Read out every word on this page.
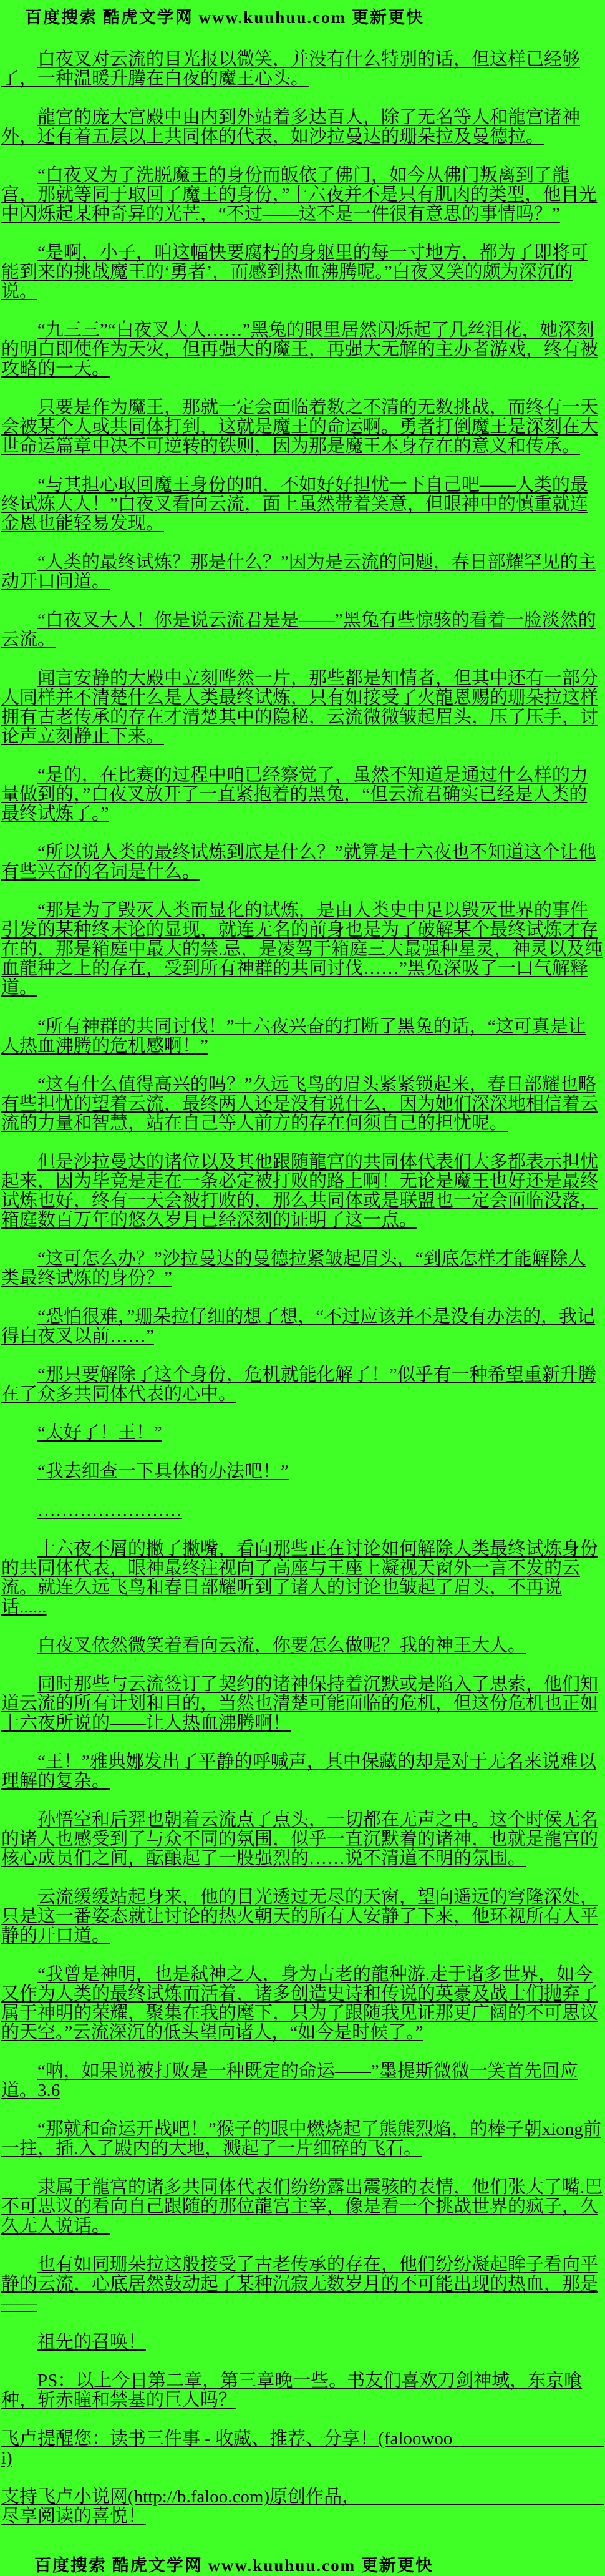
百度搜索 酷虎文学网 www.kuuhuu.com 更新更快

白夜叉对云流的目光报以微笑，并没有什么特别的话，但这样已经够了，一种温暖升腾在白夜的魔王心头。

龍宫的庞大宫殿中由内到外站着多达百人，除了无名等人和龍宫诸神外，还有着五层以上共同体的代表，如沙拉曼达的珊朵拉及曼德拉。

“白夜叉为了洗脱魔王的身份而皈依了佛门，如今从佛门叛离到了龍宫，那就等同于取回了魔王的身份，”十六夜并不是只有肌肉的类型，他目光中闪烁起某种奇异的光芒，“不过——这不是一件很有意思的事情吗？”

“是啊，小子，咱这幅快要腐朽的身躯里的每一寸地方，都为了即将可能到来的挑战魔王的‘勇者’，而感到热血沸腾呢。”白夜叉笑的颇为深沉的说。

“九三三”“白夜叉大人……”黑兔的眼里居然闪烁起了几丝泪花，她深刻的明白即使作为天灾，但再强大的魔王，再强大无解的主办者游戏，终有被攻略的一天。

只要是作为魔王，那就一定会面临着数之不清的无数挑战，而终有一天会被某个人或共同体打到，这就是魔王的命运啊。勇者打倒魔王是深刻在大世命运篇章中决不可逆转的铁则，因为那是魔王本身存在的意义和传承。

“与其担心取回魔王身份的咱，不如好好担忧一下自己吧——人类的最终试炼大人！”白夜叉看向云流，面上虽然带着笑意，但眼神中的慎重就连金恩也能轻易发现。

“人类的最终试炼？那是什么？”因为是云流的问题，春日部耀罕见的主动开口问道。

“白夜叉大人！你是说云流君是是——”黑兔有些惊骇的看着一脸淡然的云流。

闻言安静的大殿中立刻哗然一片，那些都是知情者，但其中还有一部分人同样并不清楚什么是人类最终试炼，只有如接受了火龍恩赐的珊朵拉这样拥有古老传承的存在才清楚其中的隐秘，云流微微皱起眉头，压了压手，讨论声立刻静止下来。

“是的，在比赛的过程中咱已经察觉了，虽然不知道是通过什么样的力量做到的，”白夜叉放开了一直紧抱着的黑兔，“但云流君确实已经是人类的最终试炼了。”

“所以说人类的最终试炼到底是什么？”就算是十六夜也不知道这个让他有些兴奋的名词是什么。

“那是为了毁灭人类而显化的试炼，是由人类史中足以毁灭世界的事件引发的某种终末论的显现，就连无名的前身也是为了破解某个最终试炼才存在的，那是箱庭中最大的禁.忌，是凌驾于箱庭三大最强种星灵，神灵以及纯血龍种之上的存在，受到所有神群的共同讨伐……”黑兔深吸了一口气解释道。

“所有神群的共同讨伐！”十六夜兴奋的打断了黑兔的话，“这可真是让人热血沸腾的危机感啊！”

“这有什么值得高兴的吗？”久远飞鸟的眉头紧紧锁起来，春日部耀也略有些担忧的望着云流，最终两人还是没有说什么，因为她们深深地相信着云流的力量和智慧，站在自己等人前方的存在何须自己的担忧呢。

但是沙拉曼达的诸位以及其他跟随龍宫的共同体代表们大多都表示担忧起来，因为毕竟是走在一条必定被打败的路上啊！无论是魔王也好还是最终试炼也好，终有一天会被打败的，那么共同体或是联盟也一定会面临没落，箱庭数百万年的悠久岁月已经深刻的证明了这一点。

“这可怎么办？”沙拉曼达的曼德拉紧皱起眉头，“到底怎样才能解除人类最终试炼的身份？”

“恐怕很难，”珊朵拉仔细的想了想，“不过应该并不是没有办法的，我记得白夜叉以前……”

“那只要解除了这个身份，危机就能化解了！”似乎有一种希望重新升腾在了众多共同体代表的心中。

“太好了！王！”

“我去细查一下具体的办法吧！”

……………………

十六夜不屑的撇了撇嘴，看向那些正在讨论如何解除人类最终试炼身份的共同体代表，眼神最终注视向了高座与王座上凝视天窗外一言不发的云流。就连久远飞鸟和春日部耀听到了诸人的讨论也皱起了眉头，不再说话......

白夜叉依然微笑着看向云流，你要怎么做呢？我的神王大人。

同时那些与云流签订了契约的诸神保持着沉默或是陷入了思索，他们知道云流的所有计划和目的，当然也清楚可能面临的危机，但这份危机也正如十六夜所说的——让人热血沸腾啊！

“王！”雅典娜发出了平静的呼喊声，其中保藏的却是对于无名来说难以理解的复杂。

孙悟空和后羿也朝着云流点了点头，一切都在无声之中。这个时侯无名的诸人也感受到了与众不同的氛围，似乎一直沉默着的诸神，也就是龍宫的核心成员们之间，酝酿起了一股强烈的……说不清道不明的氛围。

云流缓缓站起身来，他的目光透过无尽的天窗，望向遥远的穹隆深处，只是这一番姿态就让讨论的热火朝天的所有人安静了下来，他环视所有人平静的开口道。

“我曾是神明，也是弑神之人，身为古老的龍种游.走于诸多世界，如今又作为人类的最终试炼而活着，诸多创造史诗和传说的英豪及战士们抛弃了属于神明的荣耀，聚集在我的麾下，只为了跟随我见证那更广阔的不可思议的天空。”云流深沉的低头望向诸人，“如今是时候了。”

“呐，如果说被打败是一种既定的命运——”墨提斯微微一笑首先回应道。3.6

“那就和命运开战吧！”猴子的眼中燃烧起了熊熊烈焰，的棒子朝xiong前一拄，插.入了殿内的大地，溅起了一片细碎的飞石。

隶属于龍宫的诸多共同体代表们纷纷露出震骇的表情，他们张大了嘴.巴不可思议的看向自己跟随的那位龍宫主宰，像是看一个挑战世界的疯子，久久无人说话。

也有如同珊朵拉这般接受了古老传承的存在，他们纷纷凝起眸子看向平静的云流，心底居然鼓动起了某种沉寂无数岁月的不可能出现的热血，那是——

祖先的召唤！

PS：以上今日第二章，第三章晚一些。书友们喜欢刀剑神域，东京喰种，斩赤瞳和禁基的巨人吗？

飞卢提醒您：读书三件事 - 收藏、推荐、分享！(faloowoo
i)

支持飞卢小说网(http://b.faloo.com)原创作品，
尽享阅读的喜悦！

百度搜索 酷虎文学网 www.kuuhuu.com 更新更快
